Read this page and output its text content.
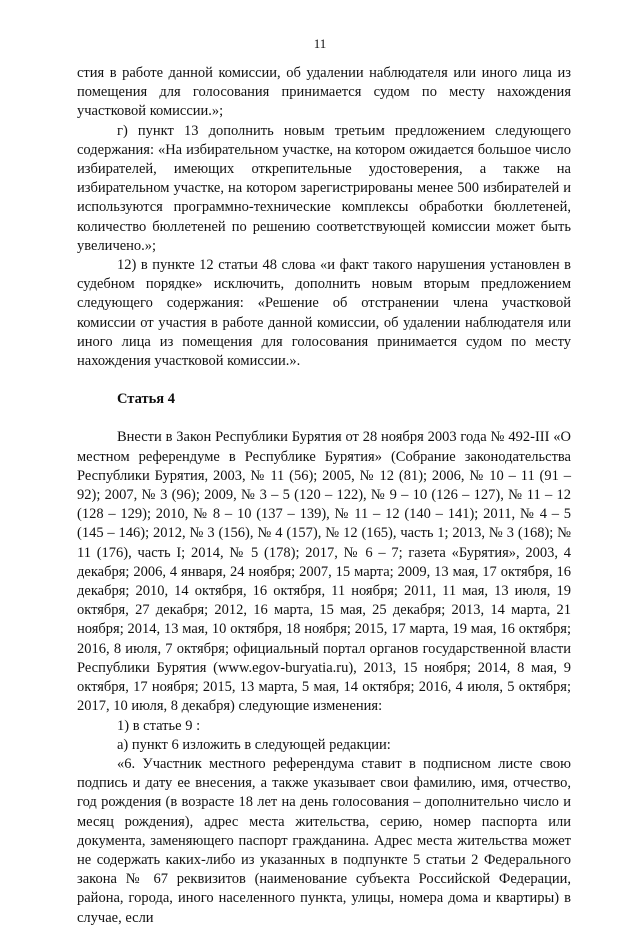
11

стия в работе данной комиссии, об удалении наблюдателя или иного лица из помещения для голосования принимается судом по месту нахождения участковой комиссии.»;

г) пункт 13 дополнить новым третьим предложением следующего содержания: «На избирательном участке, на котором ожидается большое число избирателей, имеющих открепительные удостоверения, а также на избирательном участке, на котором зарегистрированы менее 500 избирателей и используются программно-технические комплексы обработки бюллетеней, количество бюллетеней по решению соответствующей комиссии может быть увеличено.»;

12) в пункте 12 статьи 48 слова «и факт такого нарушения установлен в судебном порядке» исключить, дополнить новым вторым предложением следующего содержания: «Решение об отстранении члена участковой комиссии от участия в работе данной комиссии, об удалении наблюдателя или иного лица из помещения для голосования принимается судом по месту нахождения участковой комиссии.».

Статья 4

Внести в Закон Республики Бурятия от 28 ноября 2003 года № 492-III «О местном референдуме в Республике Бурятия» (Собрание законодательства Республики Бурятия, 2003, № 11 (56); 2005, № 12 (81); 2006, № 10 – 11 (91 – 92); 2007, № 3 (96); 2009, № 3 – 5 (120 – 122), № 9 – 10 (126 – 127), № 11 – 12 (128 – 129); 2010, № 8 – 10 (137 – 139), № 11 – 12 (140 – 141); 2011, № 4 – 5 (145 – 146); 2012, № 3 (156), № 4 (157), № 12 (165), часть 1; 2013, № 3 (168); № 11 (176), часть I; 2014, № 5 (178); 2017, № 6 – 7; газета «Бурятия», 2003, 4 декабря; 2006, 4 января, 24 ноября; 2007, 15 марта; 2009, 13 мая, 17 октября, 16 декабря; 2010, 14 октября, 16 октября, 11 ноября; 2011, 11 мая, 13 июля, 19 октября, 27 декабря; 2012, 16 марта, 15 мая, 25 декабря; 2013, 14 марта, 21 ноября; 2014, 13 мая, 10 октября, 18 ноября; 2015, 17 марта, 19 мая, 16 октября; 2016, 8 июля, 7 октября; официальный портал органов государственной власти Республики Бурятия (www.egov-buryatia.ru), 2013, 15 ноября; 2014, 8 мая, 9 октября, 17 ноября; 2015, 13 марта, 5 мая, 14 октября; 2016, 4 июля, 5 октября; 2017, 10 июля, 8 декабря) следующие изменения:

1) в статье 9 :

а) пункт 6 изложить в следующей редакции:

«6. Участник местного референдума ставит в подписном листе свою подпись и дату ее внесения, а также указывает свои фамилию, имя, отчество, год рождения (в возрасте 18 лет на день голосования – дополнительно число и месяц рождения), адрес места жительства, серию, номер паспорта или документа, заменяющего паспорт гражданина. Адрес места жительства может не содержать каких-либо из указанных в подпункте 5 статьи 2 Федерального закона № 67 реквизитов (наименование субъекта Российской Федерации, района, города, иного населенного пункта, улицы, номера дома и квартиры) в случае, если
